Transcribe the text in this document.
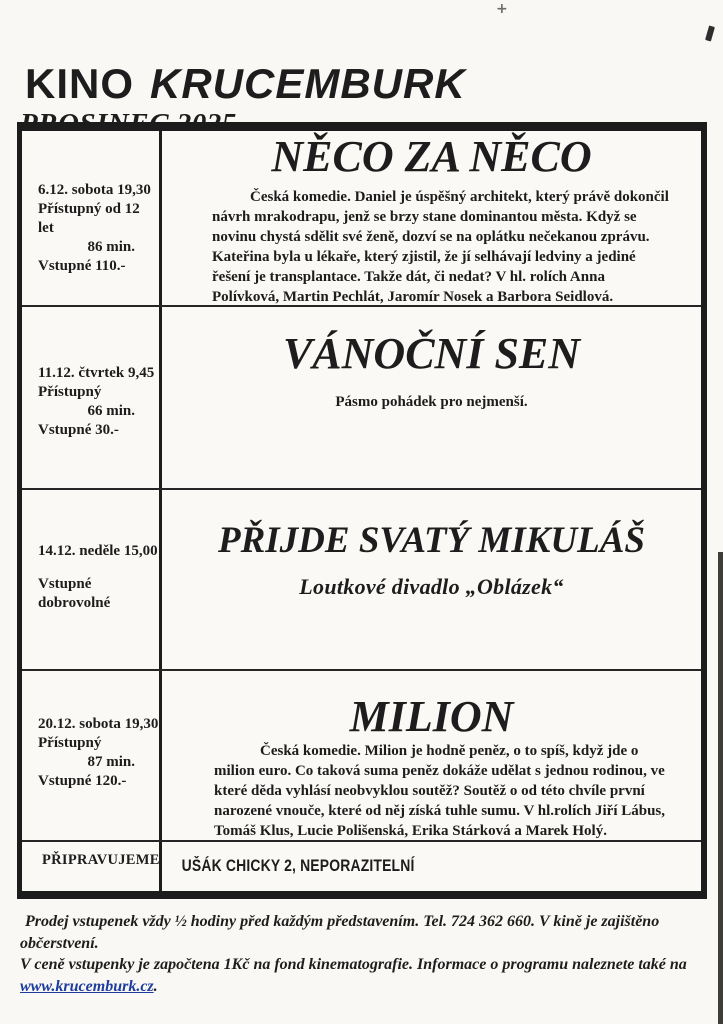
KINO KRUCEMBURK
6.12. sobota 19,30
Přístupný od 12 let
86 min.
Vstupné 110.-
NĚCO ZA NĚCO

Česká komedie. Daniel je úspěšný architekt, který právě dokončil návrh mrakodrapu, jenž se brzy stane dominantou města. Když se novinu chystá sdělit své ženě, dozví se na oplátku nečekanou zprávu. Kateřina byla u lékaře, který zjistil, že jí selhávají ledviny a jediné řešení je transplantace. Takže dát, či nedat? V hl. rolích Anna Polívková, Martin Pechlát, Jaromír Nosek a Barbora Seidlová.

11.12. čtvrtek 9,45
Přístupný
66 min.
Vstupné 30.-
VÁNOČNÍ SEN

Pásmo pohádek pro nejmenší.

14.12. neděle 15,00
Vstupné dobrovolné
PŘIJDE SVATÝ MIKULÁŠ
Loutkové divadlo „Oblázek“
20.12. sobota 19,30
Přístupný
87 min.
Vstupné 120.-
MILION

Česká komedie. Milion je hodně peněz, o to spíš, když jde o milion euro. Co taková suma peněz dokáže udělat s jednou rodinou, ve které děda vyhlásí neobvyklou soutěž? Soutěž o od této chvíle první narozené vnouče, které od něj získá tuhle sumu. V hl.rolích Jiří Lábus, Tomáš Klus, Lucie Polišenská, Erika Stárková a Marek Holý.

PŘIPRAVUJEME	UŠÁK CHICKY 2, NEPORAZITELNÍ
Prodej vstupenek vždy ½ hodiny před každým představením. Tel. 724 362 660. V kině je zajištěno občerstvení.
V ceně vstupenky je započtena 1Kč na fond kinematografie. Informace o programu naleznete také na
www.krucemburk.cz.
+
